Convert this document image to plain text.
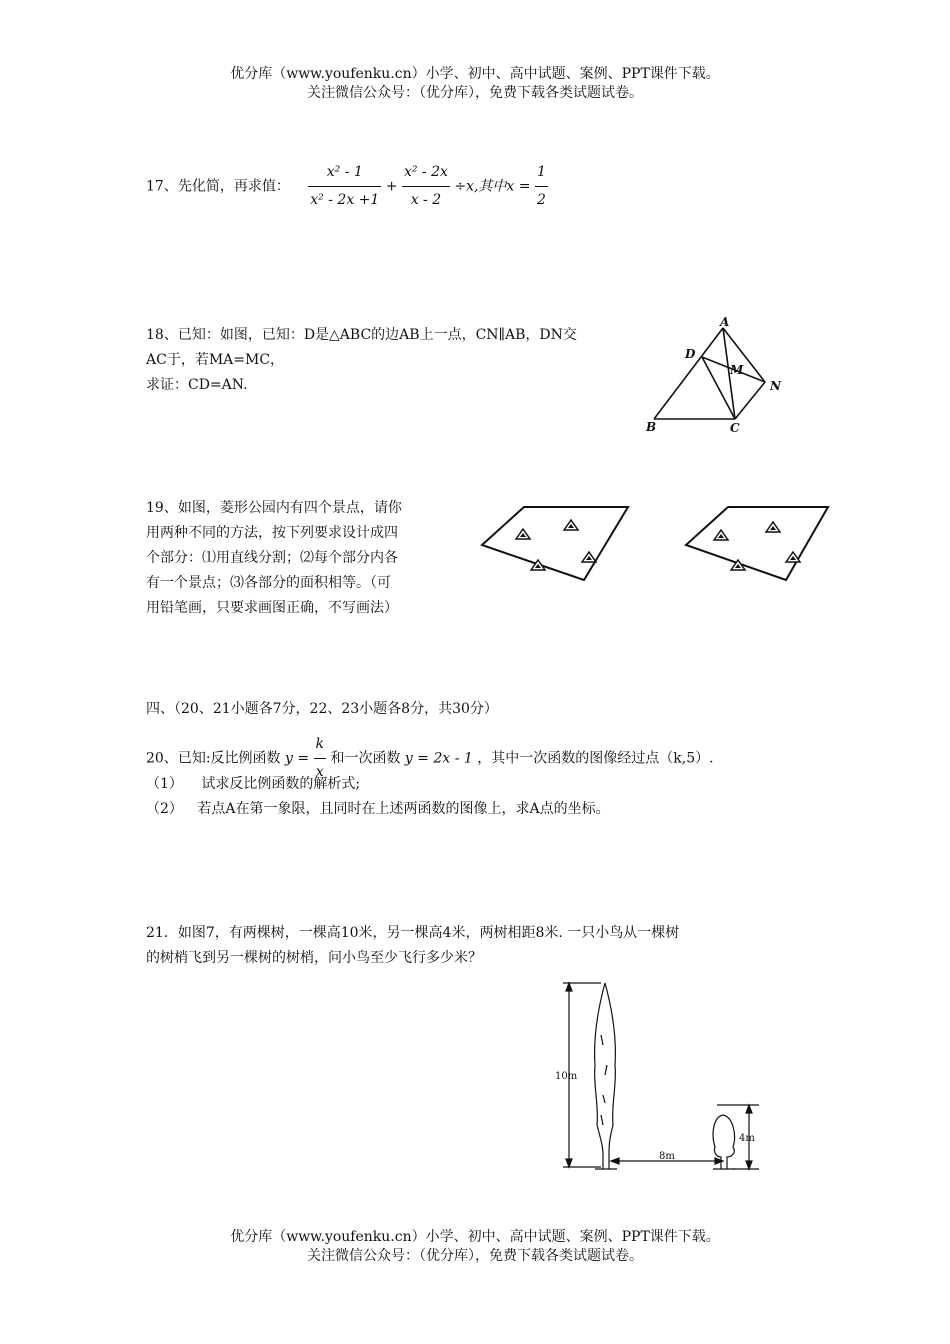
优分库（www.youfenku.cn）小学、初中、高中试题、案例、PPT课件下载。
关注微信公众号：（优分库），免费下载各类试题试卷。
17、先化简，再求值： $\frac{\text{x² - 1}}{\text{x² - 2x +1}} + \frac{\text{x² - 2x}}{x - 2} \div x$,其中$x = \frac{1}{2}$
18、已知：如图，已知：D是△ABC的边AB上一点，CN∥AB，DN交
AC于，若MA=MC，
求证：CD=AN.
A
B	C
D
M
N
19、如图，菱形公园内有四个景点，请你
用两种不同的方法，按下列要求设计成四
个部分：⑴用直线分割；⑵每个部分内各
有一个景点；⑶各部分的面积相等。（可
用铅笔画，只要求画图正确，不写画法）
四、（20、21小题各7分，22、23小题各8分，共30分）
20、已知:反比例函数 $y = \frac{k}{x}$ 和一次函数 y = 2x - 1 ，其中一次函数的图像经过点（k,5）.
（1） 试求反比例函数的解析式;
（2） 若点A在第一象限，且同时在上述两函数的图像上，求A点的坐标。
21．如图7，有两棵树，一棵高10米，另一棵高4米，两树相距8米. 一只小鸟从一棵树
的树梢飞到另一棵树的树梢，问小鸟至少飞行多少米？
10m
8m
4m
优分库（www.youfenku.cn）小学、初中、高中试题、案例、PPT课件下载。
关注微信公众号：（优分库），免费下载各类试题试卷。
